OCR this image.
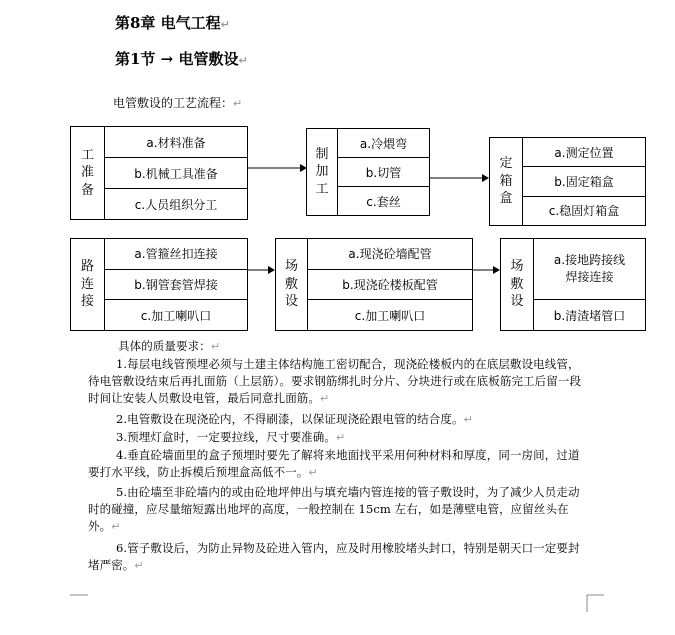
第8章 电气工程↵
第1节 → 电管敷设↵
电管敷设的工艺流程：↵
工
准
备
a.材料准备
b.机械工具准备
c.人员组织分工
制
加
工
a.冷煨弯
b.切管
c.套丝
定
箱
盒
a.测定位置
b.固定箱盒
c.稳固灯箱盒
路
连
接
a.管箍丝扣连接
b.钢管套管焊接
c.加工喇叭口
场
敷
设
a.现浇砼墙配管
b.现浇砼楼板配管
c.加工喇叭口
场
敷
设
a.接地跨接线焊接连接
b.清渣堵管口
具体的质量要求：↵
1.每层电线管预埋必须与土建主体结构施工密切配合，现浇砼楼板内的在底层敷设电线管，待电管敷设结束后再扎面筋（上层筋）。要求钢筋绑扎时分片、分块进行或在底板筋完工后留一段时间让安装人员敷设电管，最后同意扎面筋。↵
2.电管敷设在现浇砼内，不得刷漆，以保证现浇砼跟电管的结合度。↵
3.预埋灯盒时，一定要拉线，尺寸要准确。↵
4.垂直砼墙面里的盒子预埋时要先了解将来地面找平采用何种材料和厚度，同一房间，过道要打水平线，防止拆模后预埋盒高低不一。↵
5.由砼墙至非砼墙内的或由砼地坪伸出与填充墙内管连接的管子敷设时，为了减少人员走动时的碰撞，应尽量缩短露出地坪的高度，一般控制在 15cm 左右，如是薄壁电管，应留丝头在外。↵
6.管子敷设后，为防止异物及砼进入管内，应及时用橡胶堵头封口，特别是朝天口一定要封堵严密。↵
